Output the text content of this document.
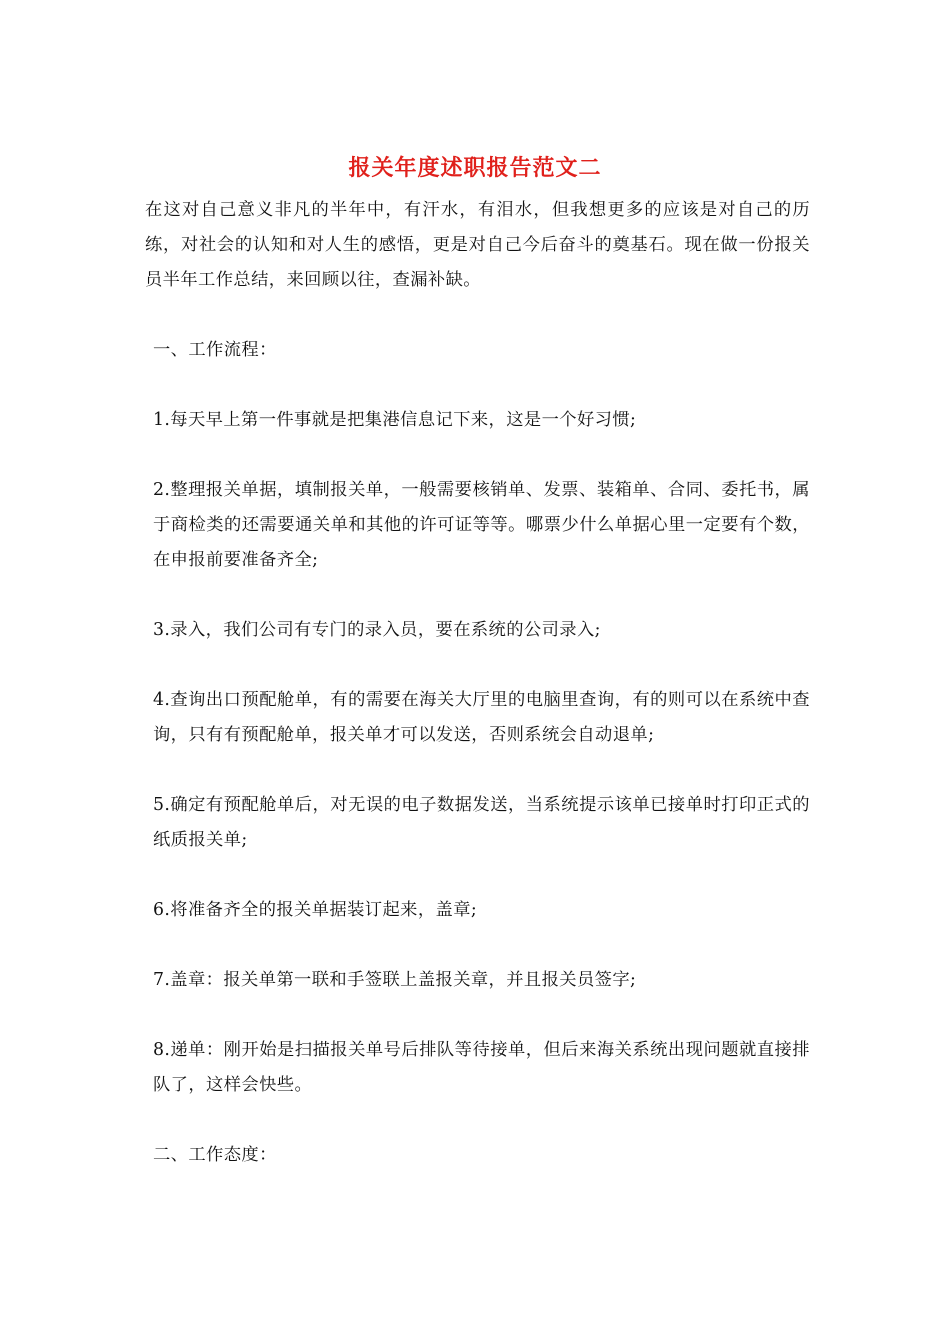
报关年度述职报告范文二

在这对自己意义非凡的半年中，有汗水，有泪水，但我想更多的应该是对自己的历练，对社会的认知和对人生的感悟，更是对自己今后奋斗的奠基石。现在做一份报关员半年工作总结，来回顾以往，查漏补缺。

一、工作流程：

1.每天早上第一件事就是把集港信息记下来，这是一个好习惯;

2.整理报关单据，填制报关单，一般需要核销单、发票、装箱单、合同、委托书，属于商检类的还需要通关单和其他的许可证等等。哪票少什么单据心里一定要有个数，在申报前要准备齐全;

3.录入，我们公司有专门的录入员，要在系统的公司录入;

4.查询出口预配舱单，有的需要在海关大厅里的电脑里查询，有的则可以在系统中查询，只有有预配舱单，报关单才可以发送，否则系统会自动退单;

5.确定有预配舱单后，对无误的电子数据发送，当系统提示该单已接单时打印正式的纸质报关单;

6.将准备齐全的报关单据装订起来，盖章;

7.盖章：报关单第一联和手签联上盖报关章，并且报关员签字;

8.递单：刚开始是扫描报关单号后排队等待接单，但后来海关系统出现问题就直接排队了，这样会快些。

二、工作态度：
